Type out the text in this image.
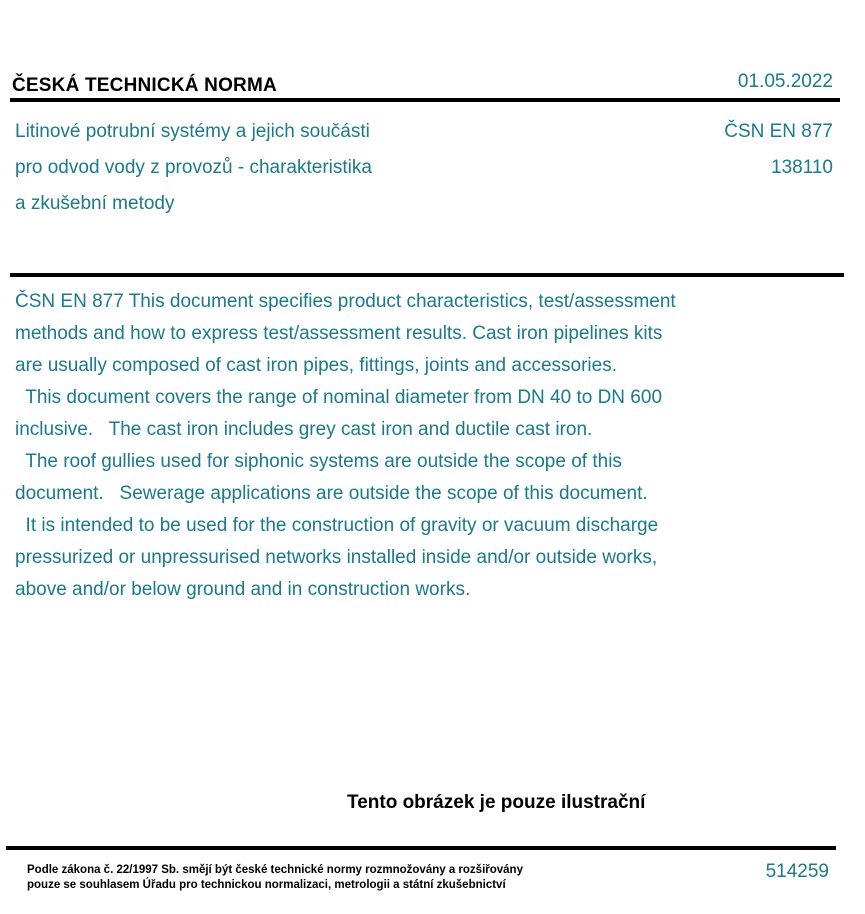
ČESKÁ TECHNICKÁ NORMA	01.05.2022
Litinové potrubní systémy a jejich součásti
pro odvod vody z provozů - charakteristika
a zkušební metody
ČSN EN 877
138110
ČSN EN 877 This document specifies product characteristics, test/assessment
methods and how to express test/assessment results. Cast iron pipelines kits
are usually composed of cast iron pipes, fittings, joints and accessories.
This document covers the range of nominal diameter from DN 40 to DN 600
inclusive.   The cast iron includes grey cast iron and ductile cast iron.
The roof gullies used for siphonic systems are outside the scope of this
document.   Sewerage applications are outside the scope of this document.
It is intended to be used for the construction of gravity or vacuum discharge
pressurized or unpressurised networks installed inside and/or outside works,
above and/or below ground and in construction works.
Tento obrázek je pouze ilustrační
Podle zákona č. 22/1997 Sb. smějí být české technické normy rozmnožovány a rozšiřovány
pouze se souhlasem Úřadu pro technickou normalizaci, metrologii a státní zkušebnictví
514259
